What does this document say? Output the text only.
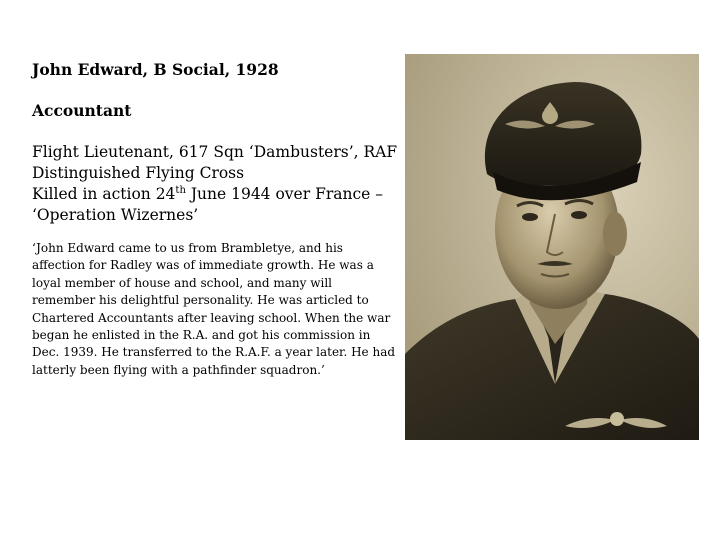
John Edward, B Social, 1928

Accountant

Flight Lieutenant, 617 Sqn ‘Dambusters’, RAF
Distinguished Flying Cross
Killed in action 24th June 1944 over France –
‘Operation Wizernes’

‘John Edward came to us from Brambletye, and his affection for Radley was of immediate growth. He was a loyal member of house and school, and many will remember his delightful personality. He was articled to Chartered Accountants after leaving school. When the war began he enlisted in the R.A. and got his commission in Dec. 1939. He transferred to the R.A.F. a year later. He had latterly been flying with a pathfinder squadron.’
